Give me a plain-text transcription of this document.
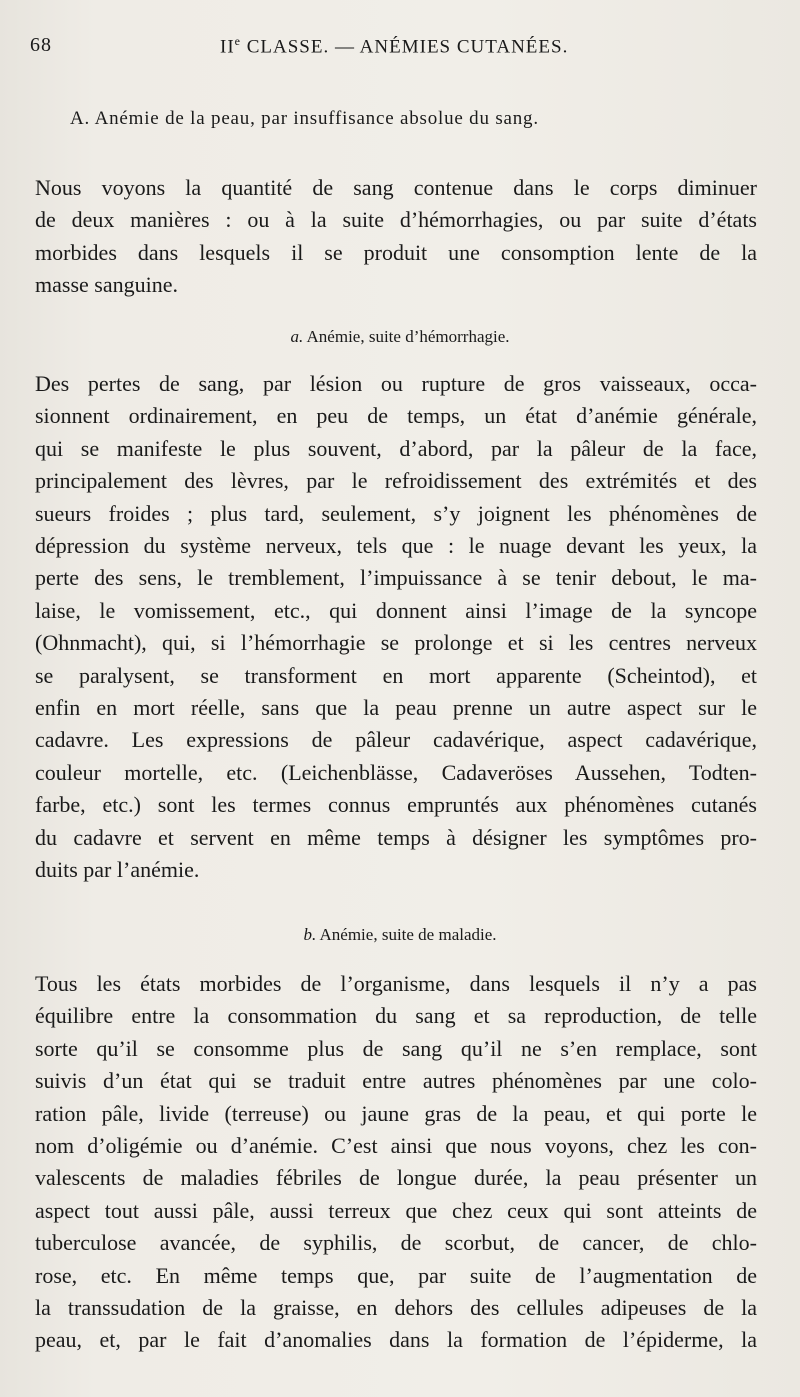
68	IIe CLASSE. — ANÉMIES CUTANÉES.
A. Anémie de la peau, par insuffisance absolue du sang.
Nous voyons la quantité de sang contenue dans le corps diminuer
de deux manières : ou à la suite d’hémorrhagies, ou par suite d’états
morbides dans lesquels il se produit une consomption lente de la
masse sanguine.
a. Anémie, suite d’hémorrhagie.
Des pertes de sang, par lésion ou rupture de gros vaisseaux, occa-
sionnent ordinairement, en peu de temps, un état d’anémie générale,
qui se manifeste le plus souvent, d’abord, par la pâleur de la face,
principalement des lèvres, par le refroidissement des extrémités et des
sueurs froides ; plus tard, seulement, s’y joignent les phénomènes de
dépression du système nerveux, tels que : le nuage devant les yeux, la
perte des sens, le tremblement, l’impuissance à se tenir debout, le ma-
laise, le vomissement, etc., qui donnent ainsi l’image de la syncope
(Ohnmacht), qui, si l’hémorrhagie se prolonge et si les centres nerveux
se paralysent, se transforment en mort apparente (Scheintod), et
enfin en mort réelle, sans que la peau prenne un autre aspect sur le
cadavre. Les expressions de pâleur cadavérique, aspect cadavérique,
couleur mortelle, etc. (Leichenblässe, Cadaveröses Aussehen, Todten-
farbe, etc.) sont les termes connus empruntés aux phénomènes cutanés
du cadavre et servent en même temps à désigner les symptômes pro-
duits par l’anémie.
b. Anémie, suite de maladie.
Tous les états morbides de l’organisme, dans lesquels il n’y a pas
équilibre entre la consommation du sang et sa reproduction, de telle
sorte qu’il se consomme plus de sang qu’il ne s’en remplace, sont
suivis d’un état qui se traduit entre autres phénomènes par une colo-
ration pâle, livide (terreuse) ou jaune gras de la peau, et qui porte le
nom d’oligémie ou d’anémie. C’est ainsi que nous voyons, chez les con-
valescents de maladies fébriles de longue durée, la peau présenter un
aspect tout aussi pâle, aussi terreux que chez ceux qui sont atteints de
tuberculose avancée, de syphilis, de scorbut, de cancer, de chlo-
rose, etc. En même temps que, par suite de l’augmentation de
la transsudation de la graisse, en dehors des cellules adipeuses de la
peau, et, par le fait d’anomalies dans la formation de l’épiderme, la
